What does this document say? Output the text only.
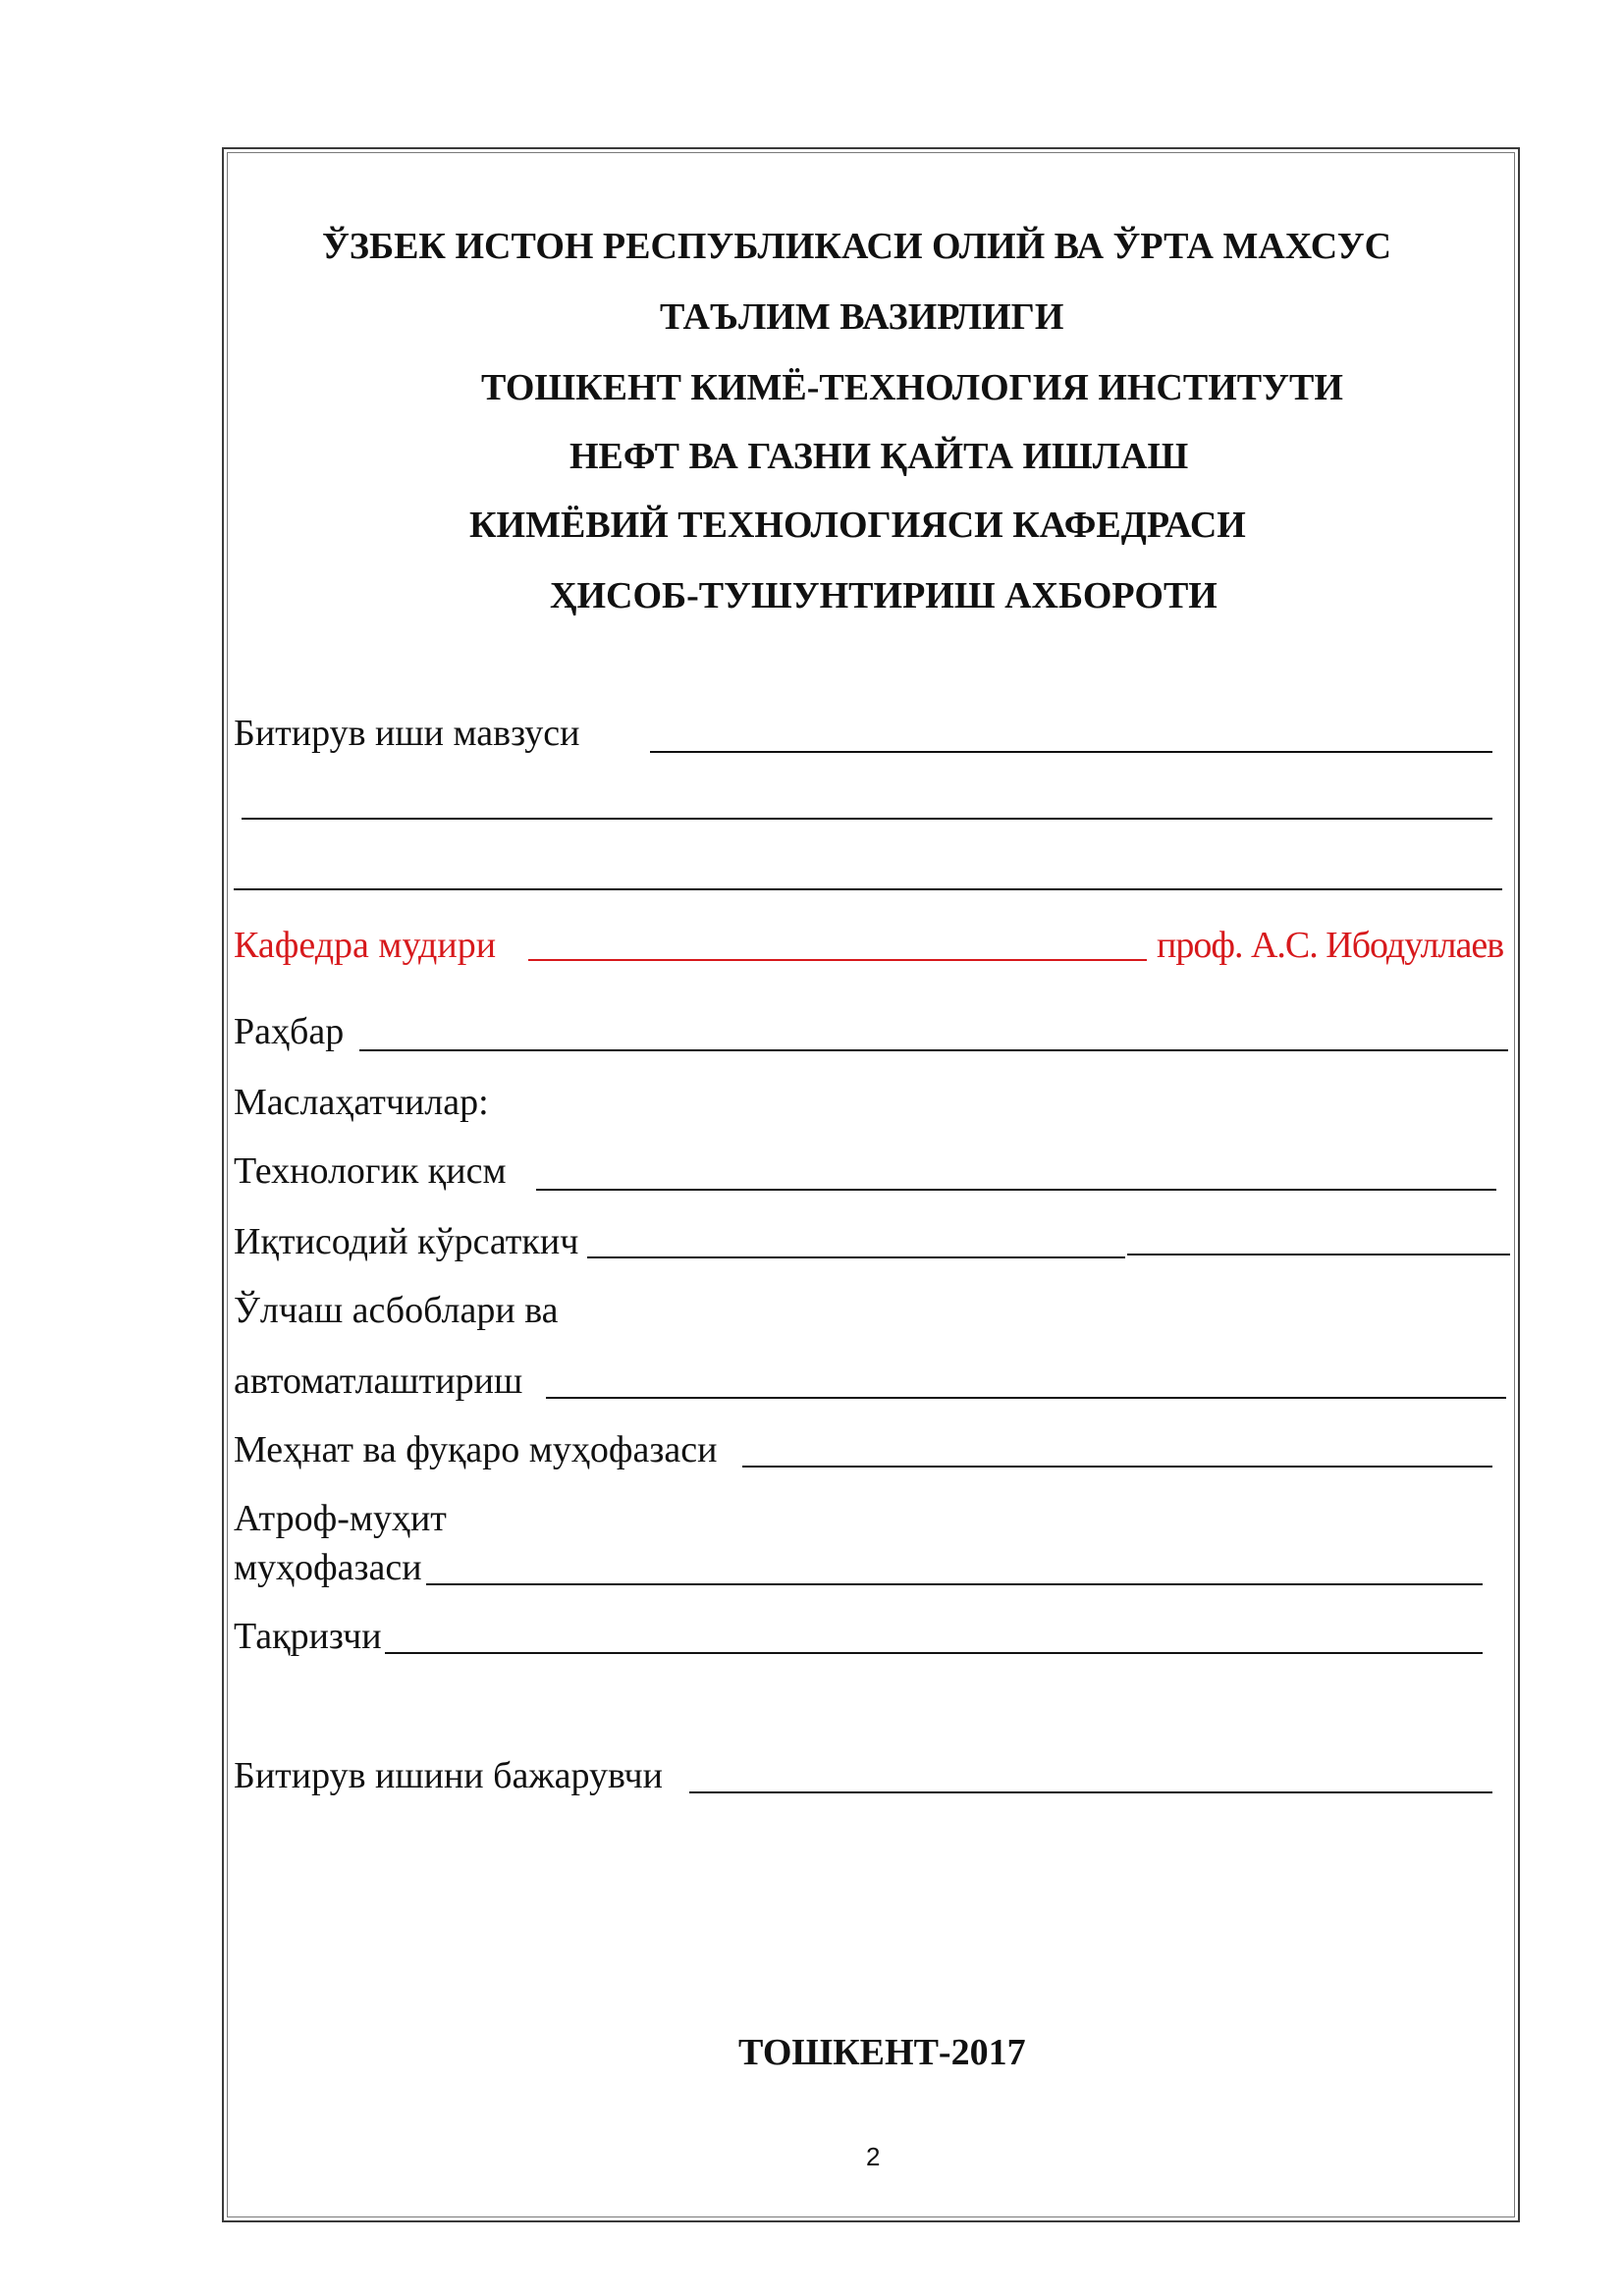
ЎЗБЕК ИСТОН РЕСПУБЛИКАСИ ОЛИЙ ВА ЎРТА МАХСУС
ТАЪЛИМ ВАЗИРЛИГИ
ТОШКЕНТ КИМЁ-ТЕХНОЛОГИЯ ИНСТИТУТИ
НЕФТ ВА ГАЗНИ ҚАЙТА ИШЛАШ
КИМЁВИЙ ТЕХНОЛОГИЯСИ КАФЕДРАСИ
ҲИСОБ-ТУШУНТИРИШ АХБОРОТИ
Битирув иши мавзуси
Кафедра мудири	проф. А.С. Ибодуллаев
Раҳбар
Маслаҳатчилар:
Технологик қисм
Иқтисодий кўрсаткич
Ўлчаш асбоблари ва
автоматлаштириш
Меҳнат ва фуқаро муҳофазаси
Атроф-муҳит
муҳофазаси
Тақризчи
Битирув ишини бажарувчи
ТОШКЕНТ-2017
2
